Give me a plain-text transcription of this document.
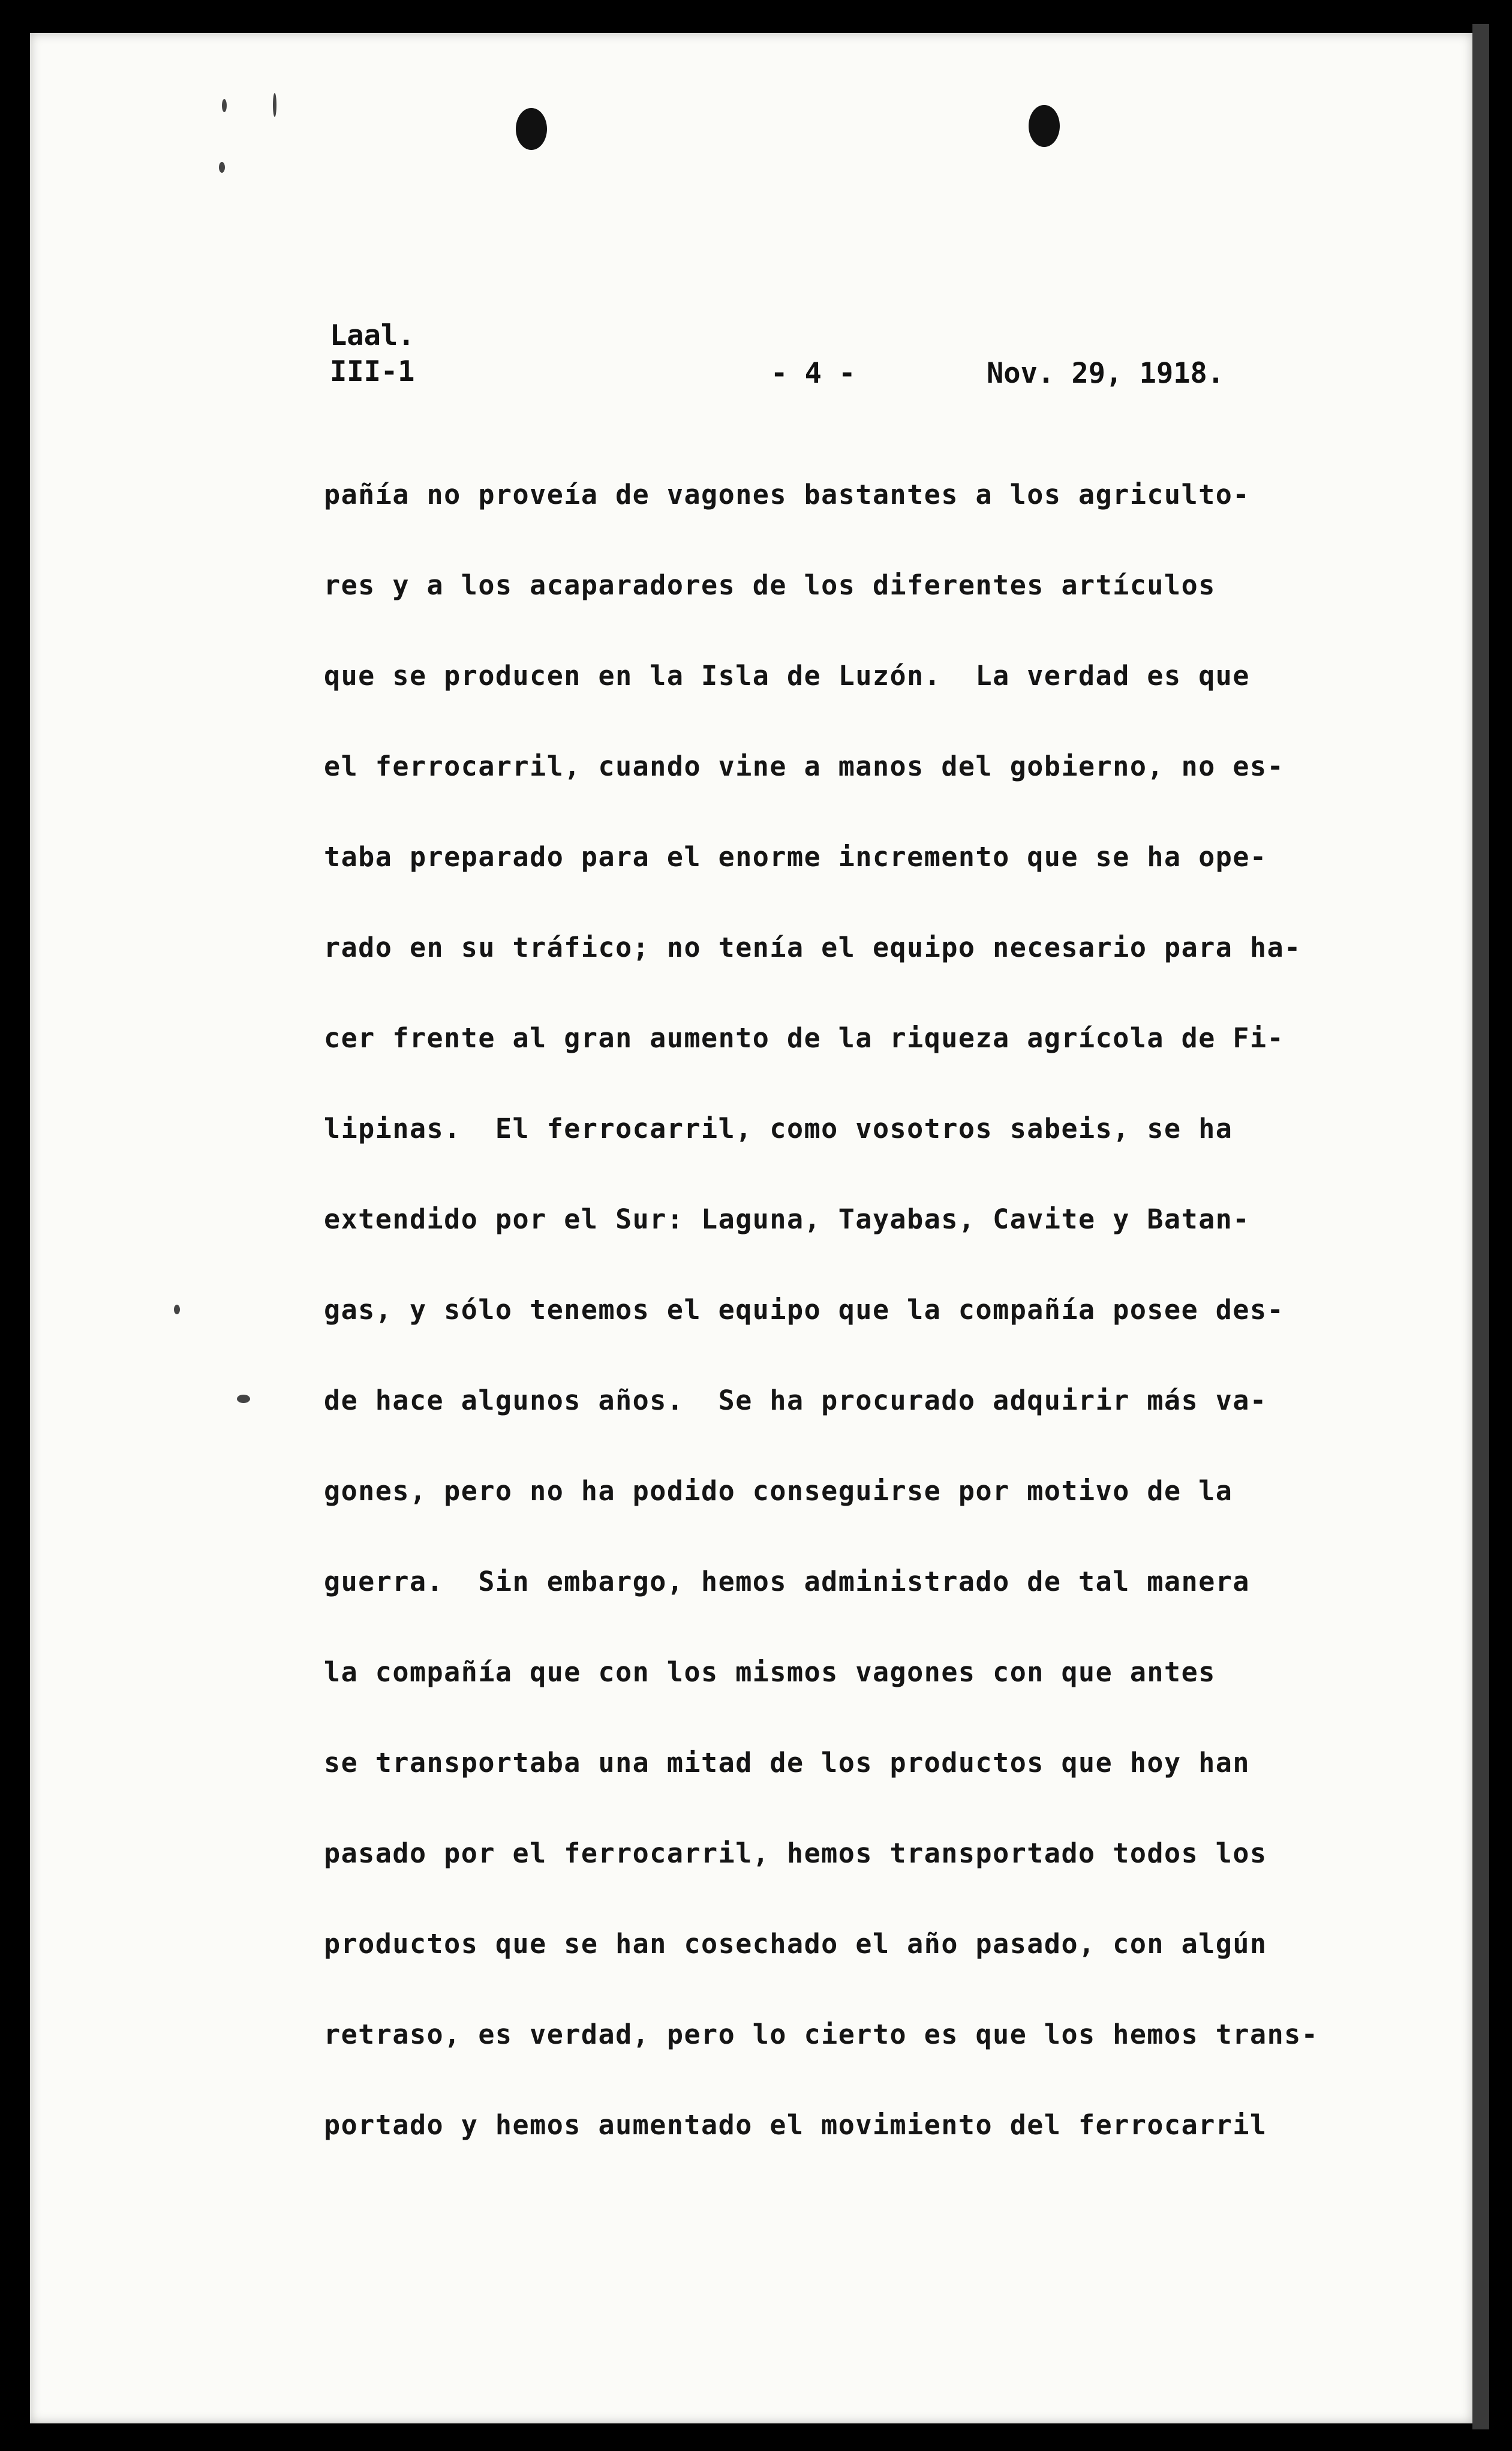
Laal.
III-1	- 4 -	Nov. 29, 1918.
pañía no proveía de vagones bastantes a los agriculto-
res y a los acaparadores de los diferentes artículos
que se producen en la Isla de Luzón.  La verdad es que
el ferrocarril, cuando vine a manos del gobierno, no es-
taba preparado para el enorme incremento que se ha ope-
rado en su tráfico; no tenía el equipo necesario para ha-
cer frente al gran aumento de la riqueza agrícola de Fi-
lipinas.  El ferrocarril, como vosotros sabeis, se ha
extendido por el Sur: Laguna, Tayabas, Cavite y Batan-
gas, y sólo tenemos el equipo que la compañía posee des-
de hace algunos años.  Se ha procurado adquirir más va-
gones, pero no ha podido conseguirse por motivo de la
guerra.  Sin embargo, hemos administrado de tal manera
la compañía que con los mismos vagones con que antes
se transportaba una mitad de los productos que hoy han
pasado por el ferrocarril, hemos transportado todos los
productos que se han cosechado el año pasado, con algún
retraso, es verdad, pero lo cierto es que los hemos trans-
portado y hemos aumentado el movimiento del ferrocarril
